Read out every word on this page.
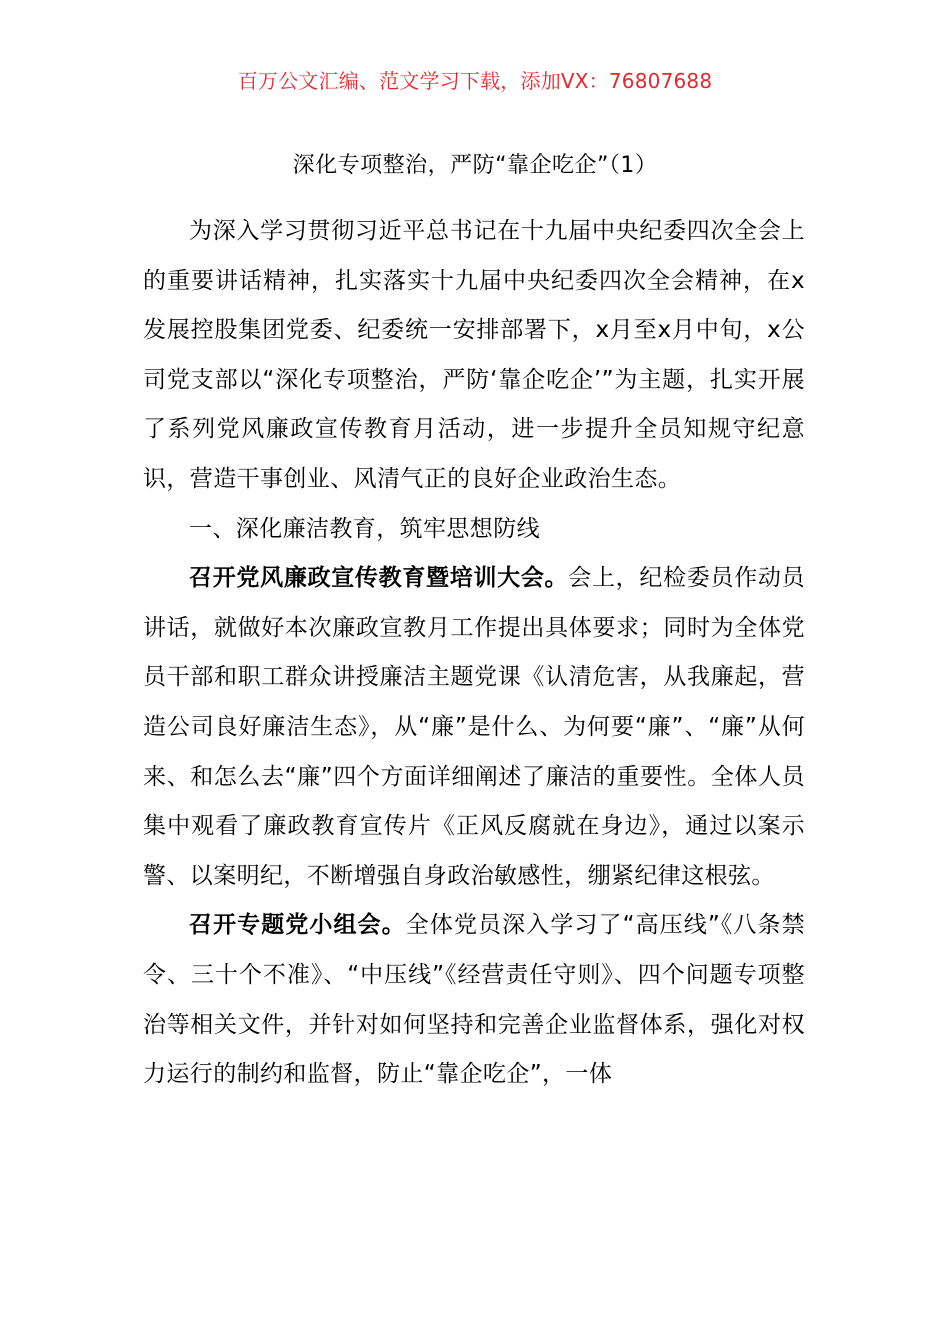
百万公文汇编、范文学习下载，添加VX：76807688
深化专项整治，严防“靠企吃企”（1）

为深入学习贯彻习近平总书记在十九届中央纪委四次全会上的重要讲话精神，扎实落实十九届中央纪委四次全会精神，在x发展控股集团党委、纪委统一安排部署下，x月至x月中旬，x公司党支部以“深化专项整治，严防‘靠企吃企’”为主题，扎实开展了系列党风廉政宣传教育月活动，进一步提升全员知规守纪意识，营造干事创业、风清气正的良好企业政治生态。

一、深化廉洁教育，筑牢思想防线

召开党风廉政宣传教育暨培训大会。会上，纪检委员作动员讲话，就做好本次廉政宣教月工作提出具体要求；同时为全体党员干部和职工群众讲授廉洁主题党课《认清危害，从我廉起，营造公司良好廉洁生态》，从“廉”是什么、为何要“廉”、“廉”从何来、和怎么去“廉”四个方面详细阐述了廉洁的重要性。全体人员集中观看了廉政教育宣传片《正风反腐就在身边》，通过以案示警、以案明纪，不断增强自身政治敏感性，绷紧纪律这根弦。

召开专题党小组会。全体党员深入学习了“高压线”《八条禁令、三十个不准》、“中压线”《经营责任守则》、四个问题专项整治等相关文件，并针对如何坚持和完善企业监督体系，强化对权力运行的制约和监督，防止“靠企吃企”，一体
